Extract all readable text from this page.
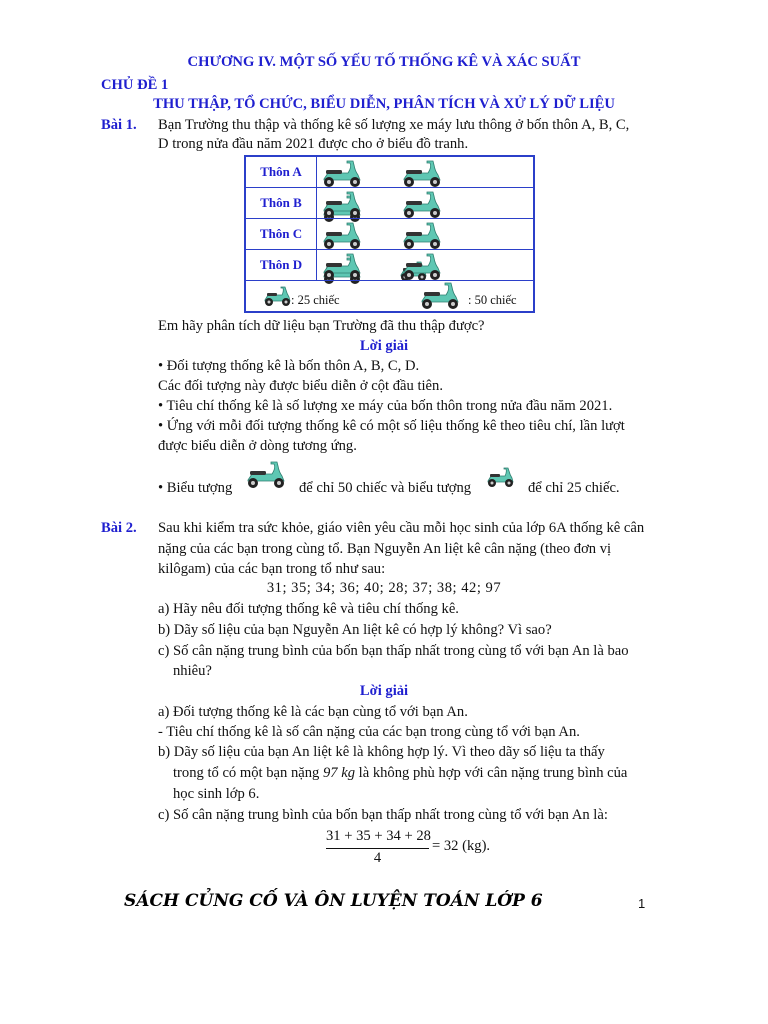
CHƯƠNG IV. MỘT SỐ YẾU TỐ THỐNG KÊ VÀ XÁC SUẤT
CHỦ ĐỀ 1
THU THẬP, TỔ CHỨC, BIỂU DIỄN, PHÂN TÍCH VÀ XỬ LÝ DỮ LIỆU
Bài 1. Bạn Trường thu thập và thống kê số lượng xe máy lưu thông ở bốn thôn A, B, C,
D trong nửa đầu năm 2021 được cho ở biểu đồ tranh.
Thôn A
Thôn B
Thôn C
Thôn D
: 25 chiếc	: 50 chiếc
Em hãy phân tích dữ liệu bạn Trường đã thu thập được?
Lời giải
• Đối tượng thống kê là bốn thôn A, B, C, D.
Các đối tượng này được biểu diễn ở cột đầu tiên.
• Tiêu chí thống kê là số lượng xe máy của bốn thôn trong nửa đầu năm 2021.
• Ứng với mỗi đối tượng thống kê có một số liệu thống kê theo tiêu chí, lần lượt
được biểu diễn ở dòng tương ứng.
• Biểu tượng	để chỉ 50 chiếc và biểu tượng	để chỉ 25 chiếc.
Bài 2. Sau khi kiểm tra sức khỏe, giáo viên yêu cầu mỗi học sinh của lớp 6A thống kê cân
nặng của các bạn trong cùng tổ. Bạn Nguyễn An liệt kê cân nặng (theo đơn vị
kilôgam) của các bạn trong tổ như sau:
31; 35; 34; 36; 40; 28; 37; 38; 42; 97
a) Hãy nêu đối tượng thống kê và tiêu chí thống kê.
b) Dãy số liệu của bạn Nguyễn An liệt kê có hợp lý không? Vì sao?
c) Số cân nặng trung bình của bốn bạn thấp nhất trong cùng tổ với bạn An là bao
nhiêu?
Lời giải
a) Đối tượng thống kê là các bạn cùng tổ với bạn An.
- Tiêu chí thống kê là số cân nặng của các bạn trong cùng tổ với bạn An.
b) Dãy số liệu của bạn An liệt kê là không hợp lý. Vì theo dãy số liệu ta thấy
trong tổ có một bạn nặng 97 kg là không phù hợp với cân nặng trung bình của
học sinh lớp 6.
c) Số cân nặng trung bình của bốn bạn thấp nhất trong cùng tổ với bạn An là:
31 + 35 + 34 + 28
4
= 32 (kg).
SÁCH CỦNG CỐ VÀ ÔN LUYỆN TOÁN LỚP 6	1
